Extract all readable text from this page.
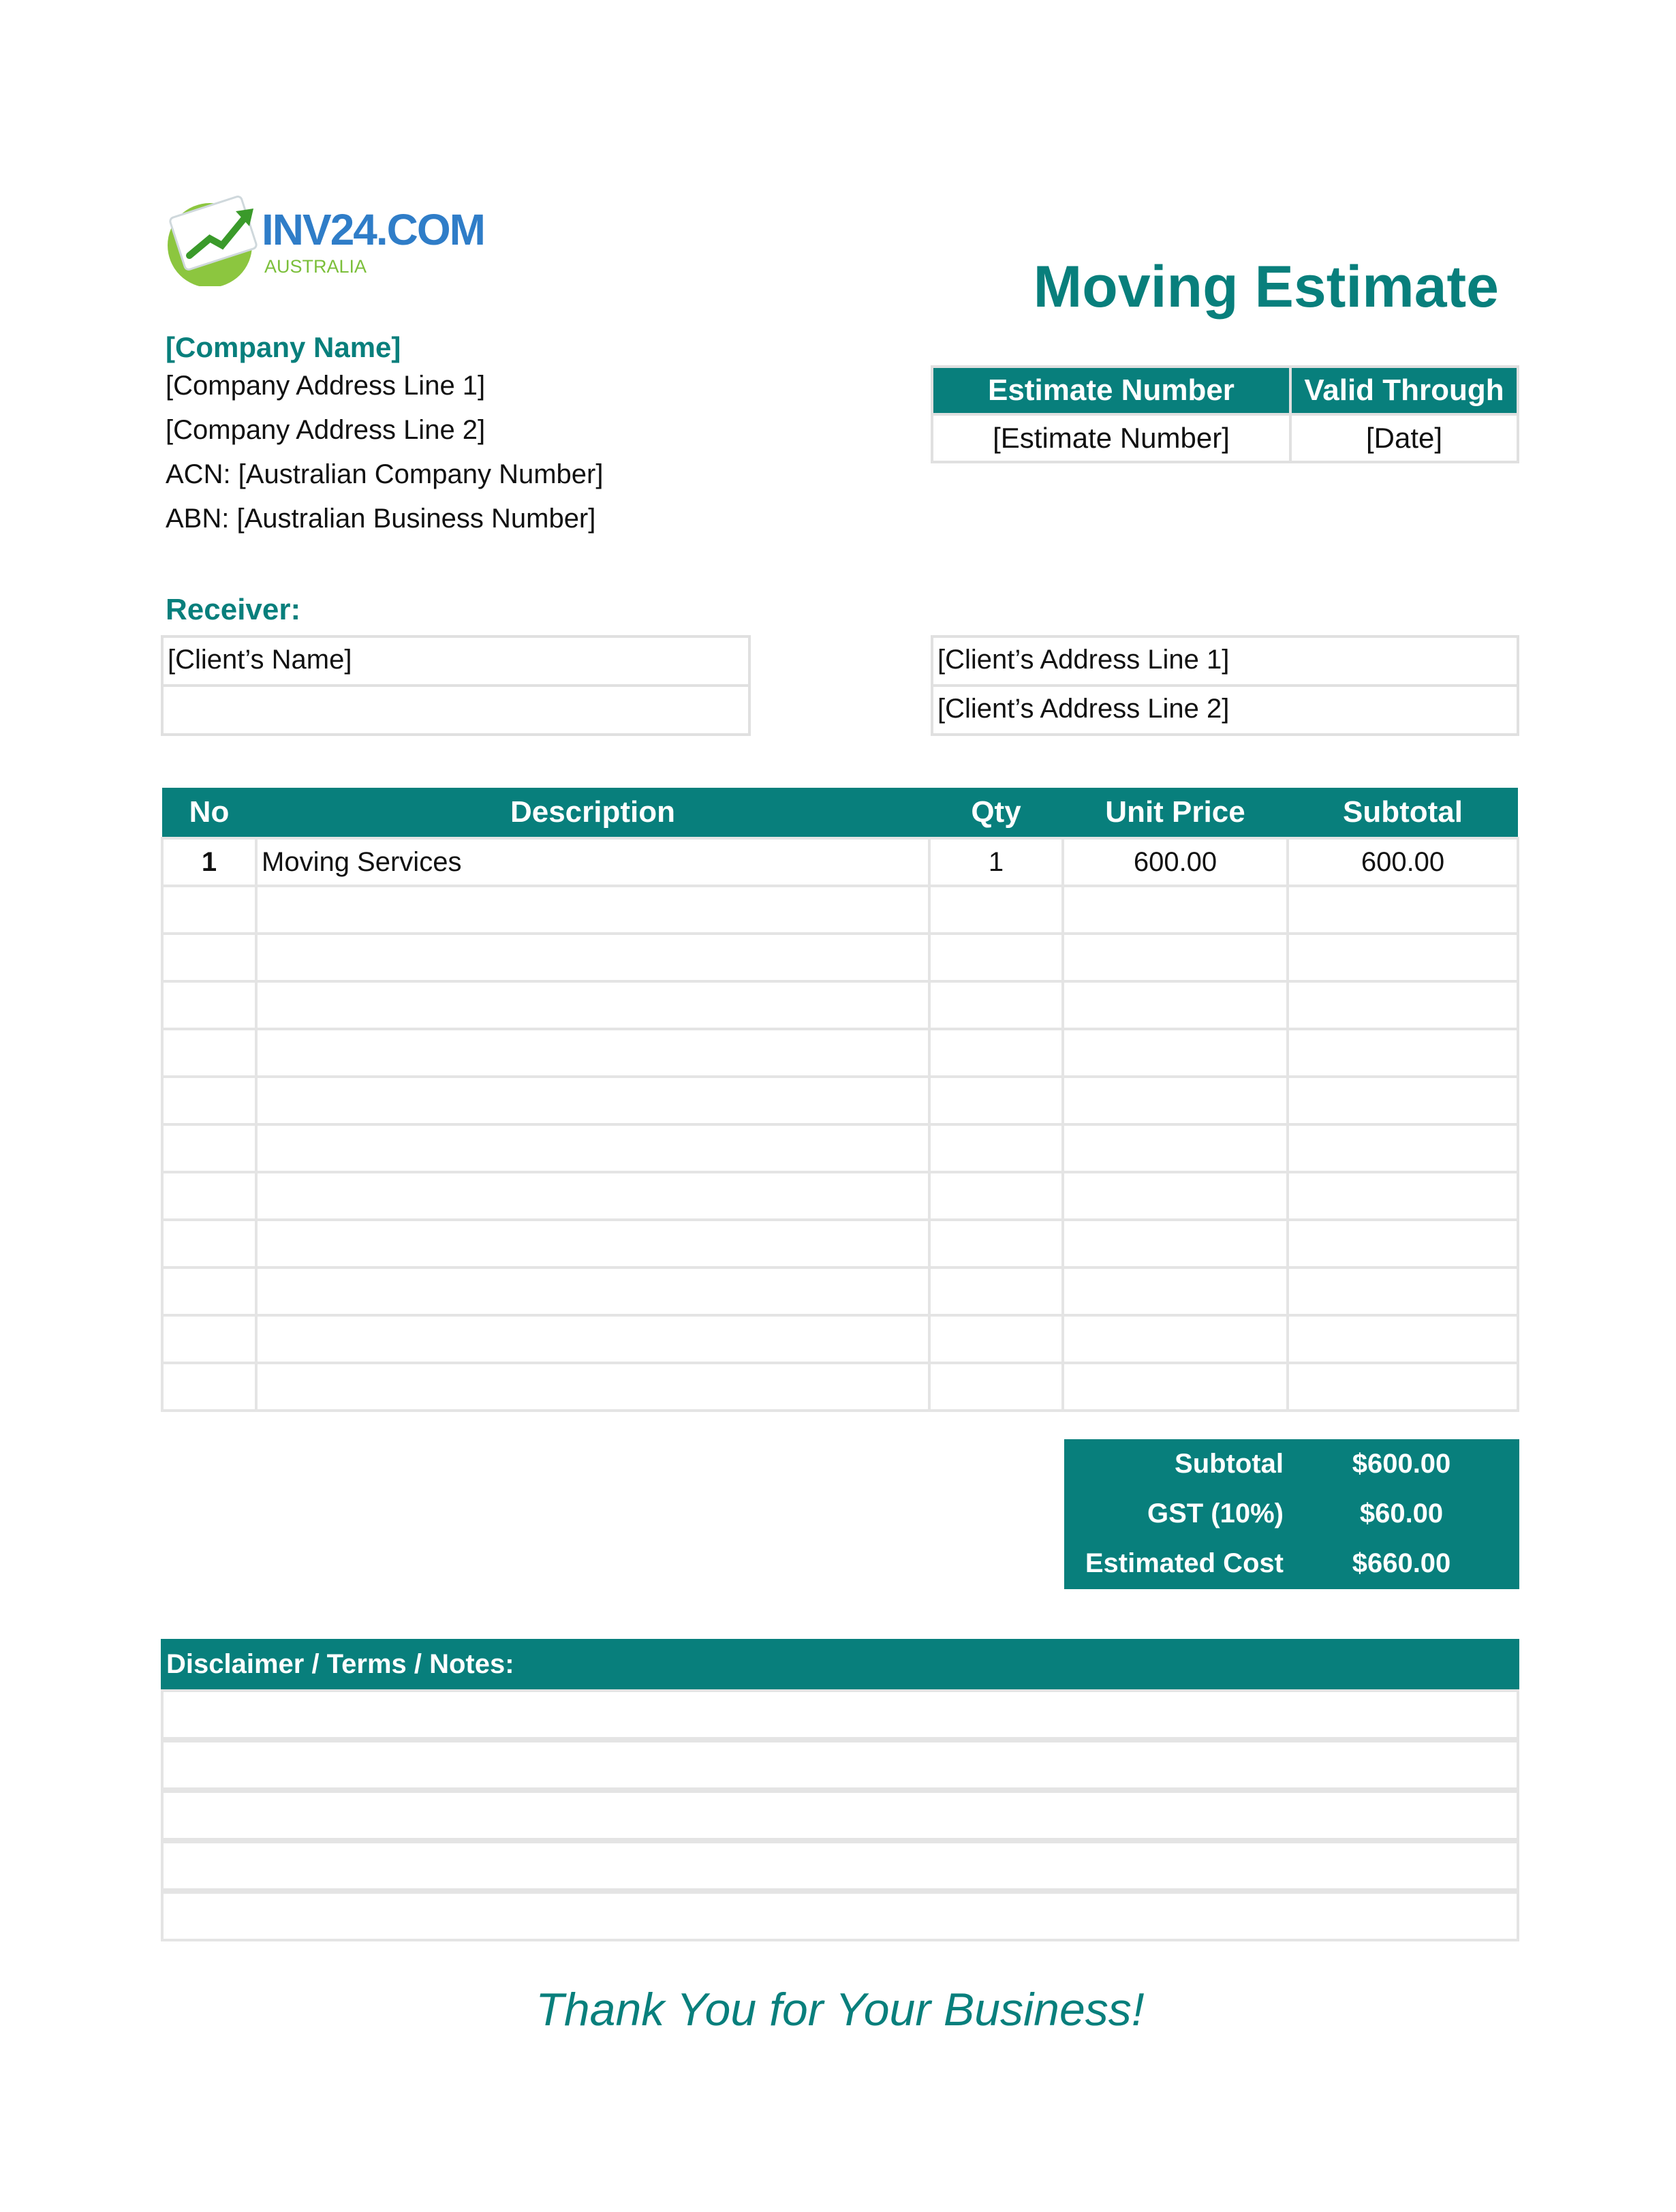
INV24.COM
AUSTRALIA	Moving Estimate
[Company Name]
[Company Address Line 1]
[Company Address Line 2]
ACN: [Australian Company Number]
ABN: [Australian Business Number]
Estimate Number	Valid Through
[Estimate Number]	[Date]
Receiver:
[Client’s Name]	[Client’s Address Line 1]
[Client’s Address Line 2]
No	Description	Qty	Unit Price	Subtotal
1	Moving Services	1	600.00	600.00

Subtotal	$600.00
GST (10%)	$60.00
Estimated Cost	$660.00
Disclaimer / Terms / Notes:
Thank You for Your Business!
